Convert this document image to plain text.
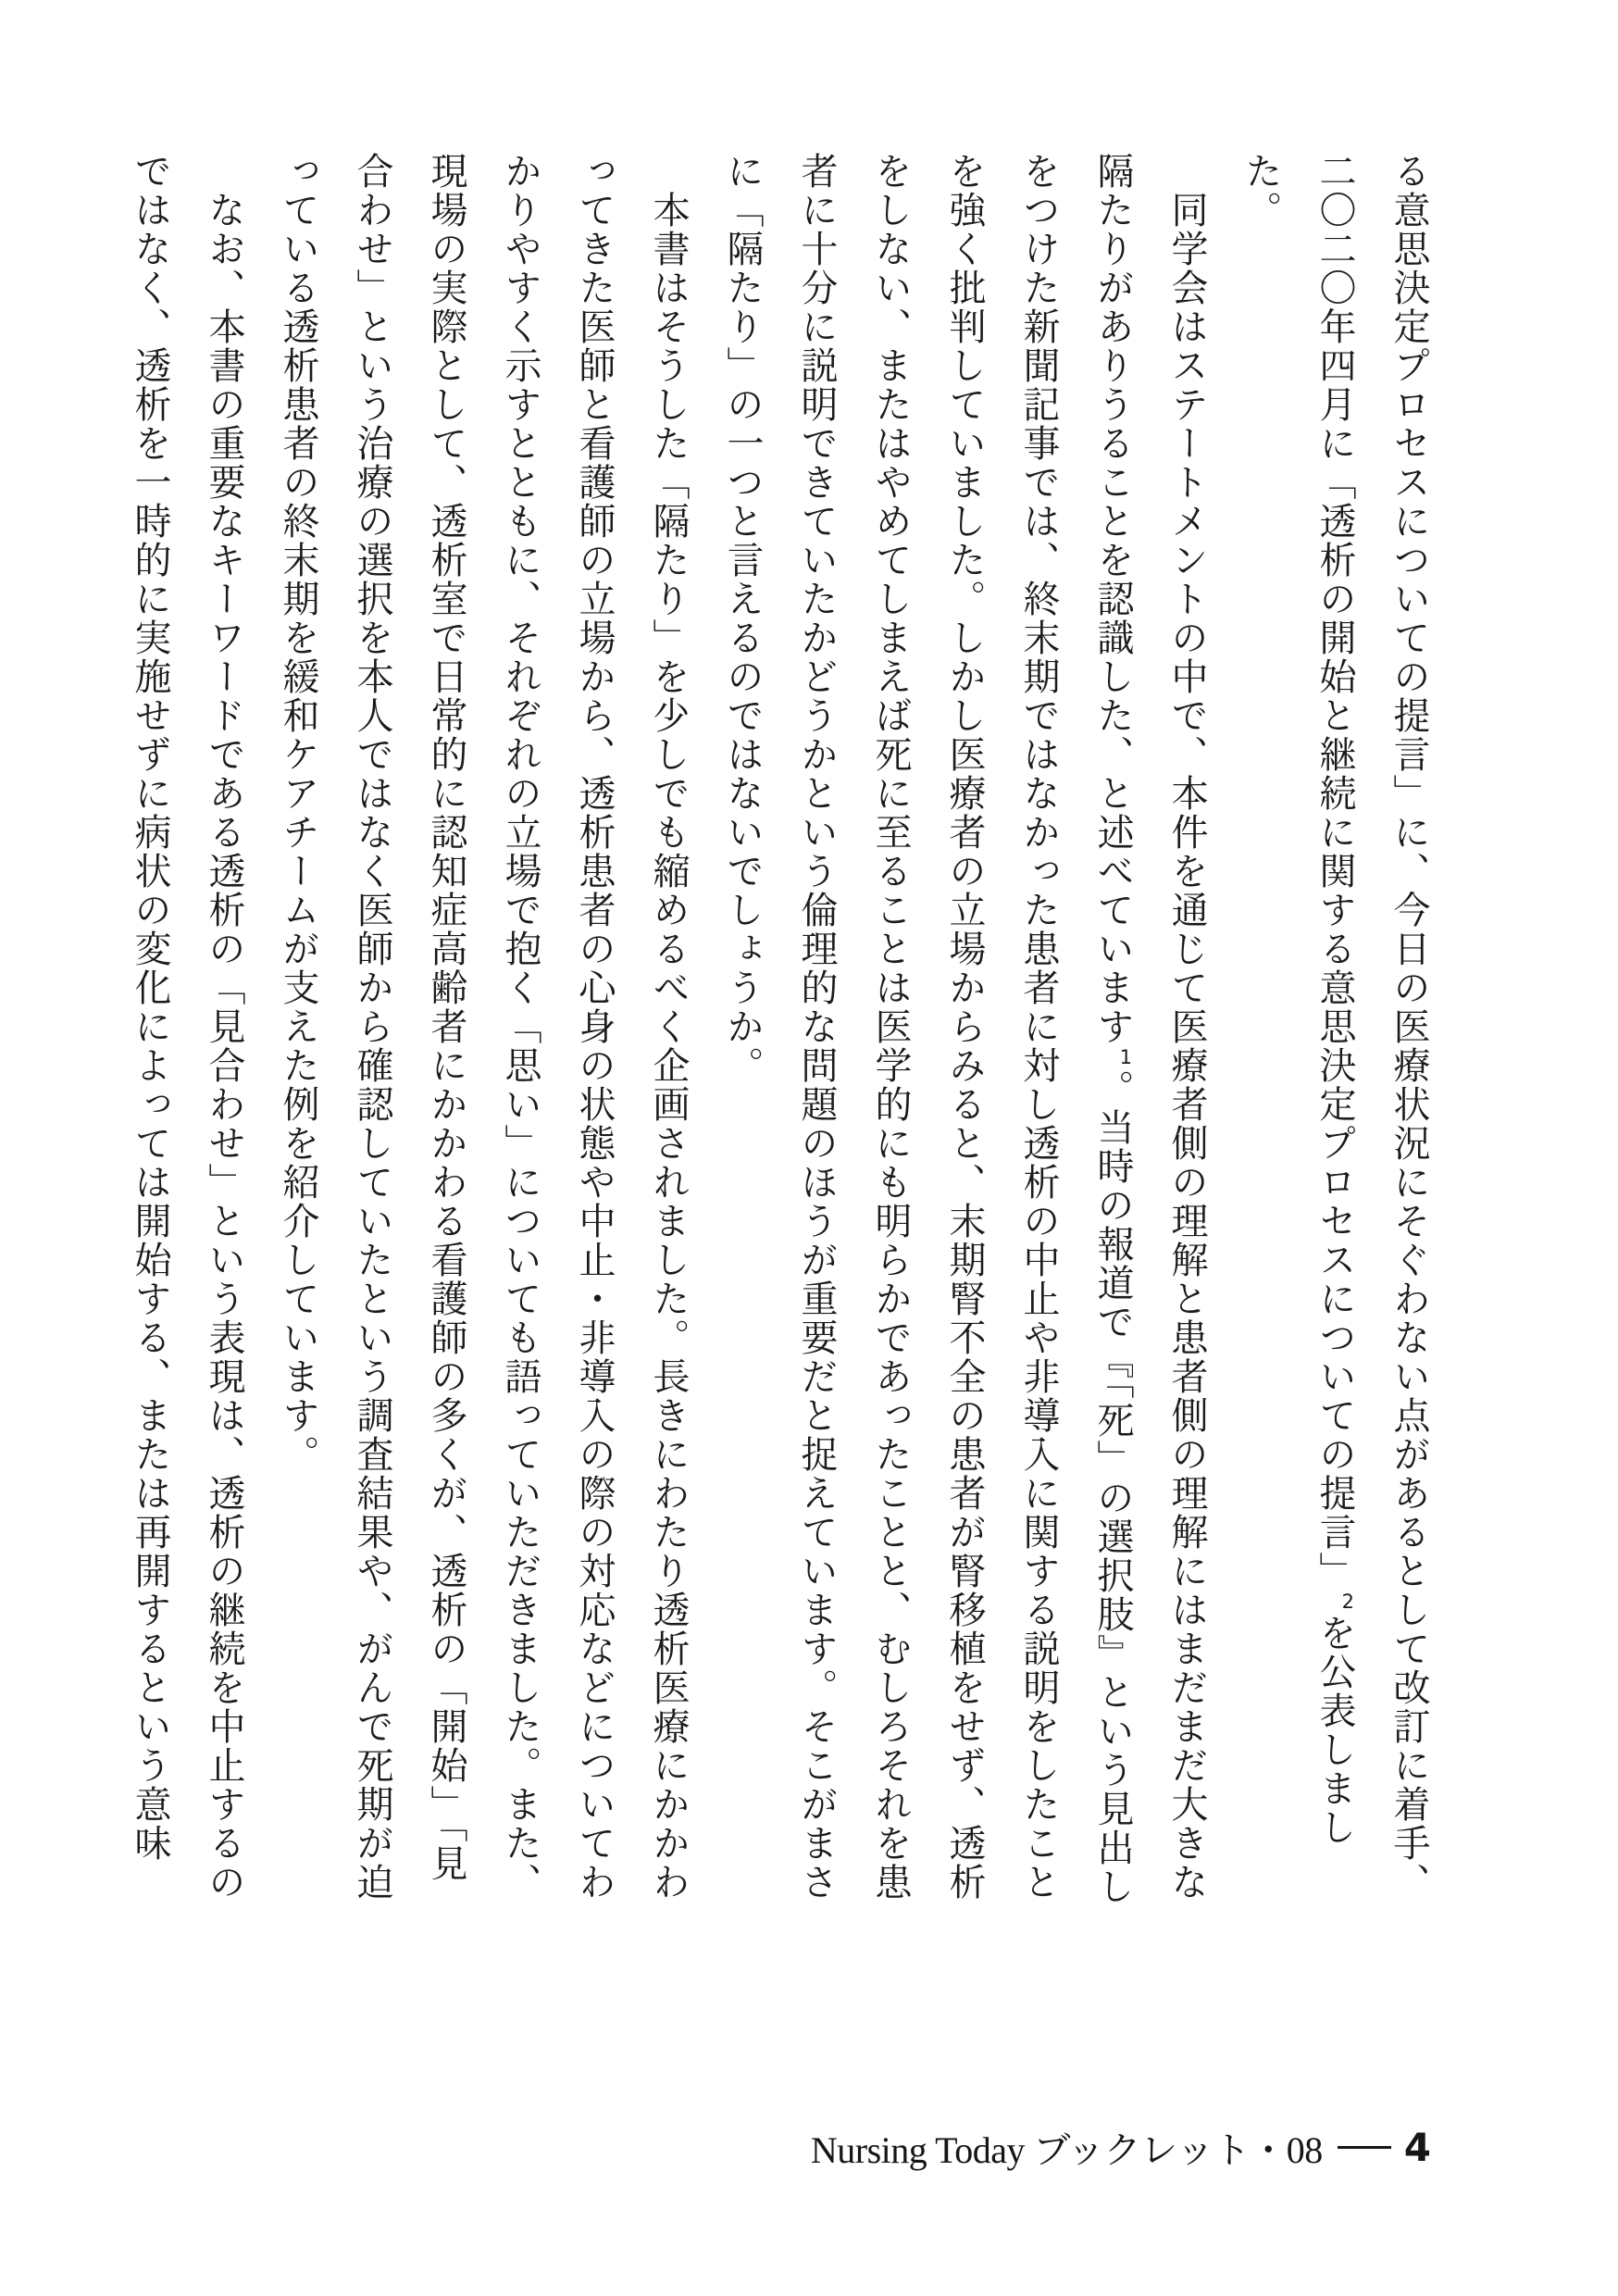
る意思決定プロセスについての提言」に、今日の医療状況にそぐわない点があるとして改訂に着手、二〇二〇年四月に「透析の開始と継続に関する意思決定プロセスについての提言」$^2$を公表しました。

同学会はステートメントの中で、本件を通じて医療者側の理解と患者側の理解にはまだまだ大きな隔たりがありうることを認識した、と述べています$^1$。当時の報道で『「死」の選択肢』という見出しをつけた新聞記事では、終末期ではなかった患者に対し透析の中止や非導入に関する説明をしたことを強く批判していました。しかし医療者の立場からみると、末期腎不全の患者が腎移植をせず、透析をしない、またはやめてしまえば死に至ることは医学的にも明らかであったことと、むしろそれを患者に十分に説明できていたかどうかという倫理的な問題のほうが重要だと捉えています。そこがまさに「隔たり」の一つと言えるのではないでしょうか。

本書はそうした「隔たり」を少しでも縮めるべく企画されました。長きにわたり透析医療にかかわってきた医師と看護師の立場から、透析患者の心身の状態や中止・非導入の際の対応などについてわかりやすく示すとともに、それぞれの立場で抱く「思い」についても語っていただきました。また、現場の実際として、透析室で日常的に認知症高齢者にかかわる看護師の多くが、透析の「開始」「見合わせ」という治療の選択を本人ではなく医師から確認していたという調査結果や、がんで死期が迫っている透析患者の終末期を緩和ケアチームが支えた例を紹介しています。

なお、本書の重要なキーワードである透析の「見合わせ」という表現は、透析の継続を中止するのではなく、透析を一時的に実施せずに病状の変化によっては開始する、または再開するという意味

Nursing Today ブックレット・08 4
